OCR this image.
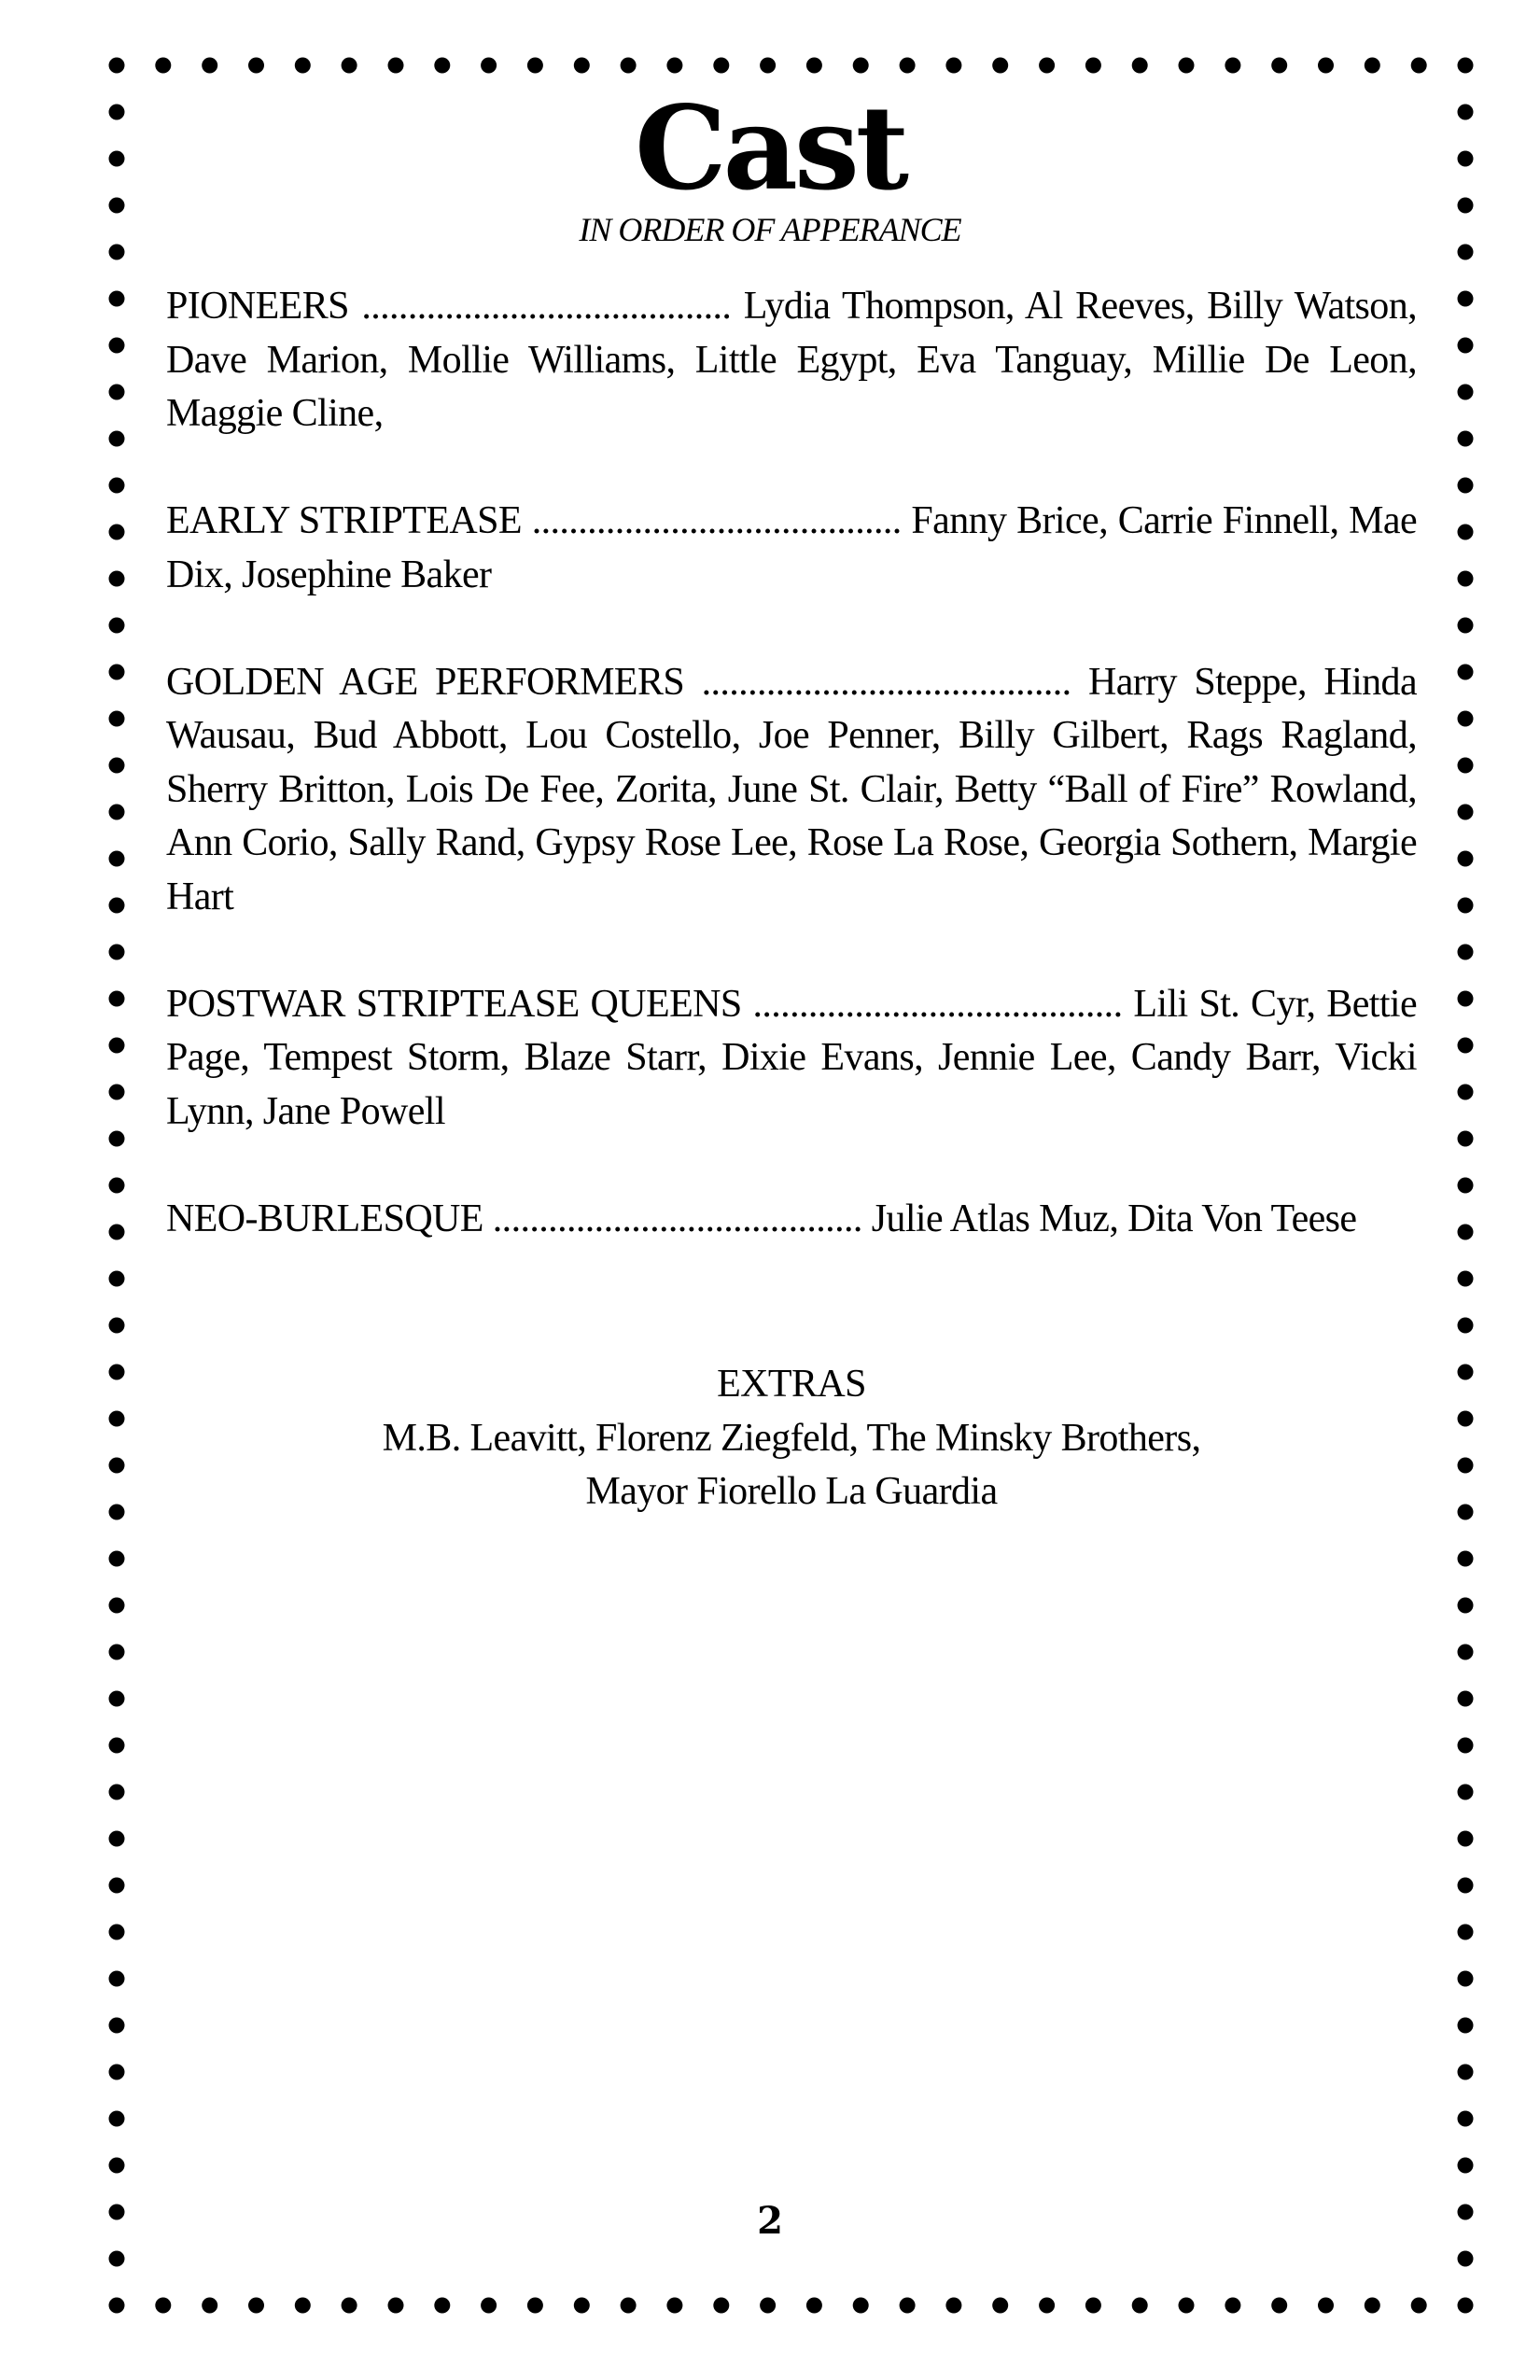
Cast
IN ORDER OF APPERANCE
PIONEERS ........................................ Lydia Thompson, Al Reeves, Billy Watson, Dave Marion, Mollie Williams, Little Egypt, Eva Tanguay, Millie De Leon, Maggie Cline,
EARLY STRIPTEASE ........................................ Fanny Brice, Carrie Finnell, Mae Dix, Josephine Baker
GOLDEN AGE PERFORMERS ........................................ Harry Steppe, Hinda Wausau, Bud Abbott, Lou Costello, Joe Penner, Billy Gilbert, Rags Ragland, Sherry Britton, Lois De Fee, Zorita, June St. Clair, Betty “Ball of Fire” Rowland, Ann Corio, Sally Rand, Gypsy Rose Lee, Rose La Rose, Georgia Sothern, Margie Hart
POSTWAR STRIPTEASE QUEENS ........................................ Lili St. Cyr, Bettie Page, Tempest Storm, Blaze Starr, Dixie Evans, Jennie Lee, Candy Barr, Vicki Lynn, Jane Powell
NEO-BURLESQUE ........................................ Julie Atlas Muz, Dita Von Teese
EXTRAS
M.B. Leavitt, Florenz Ziegfeld, The Minsky Brothers, Mayor Fiorello La Guardia
2
